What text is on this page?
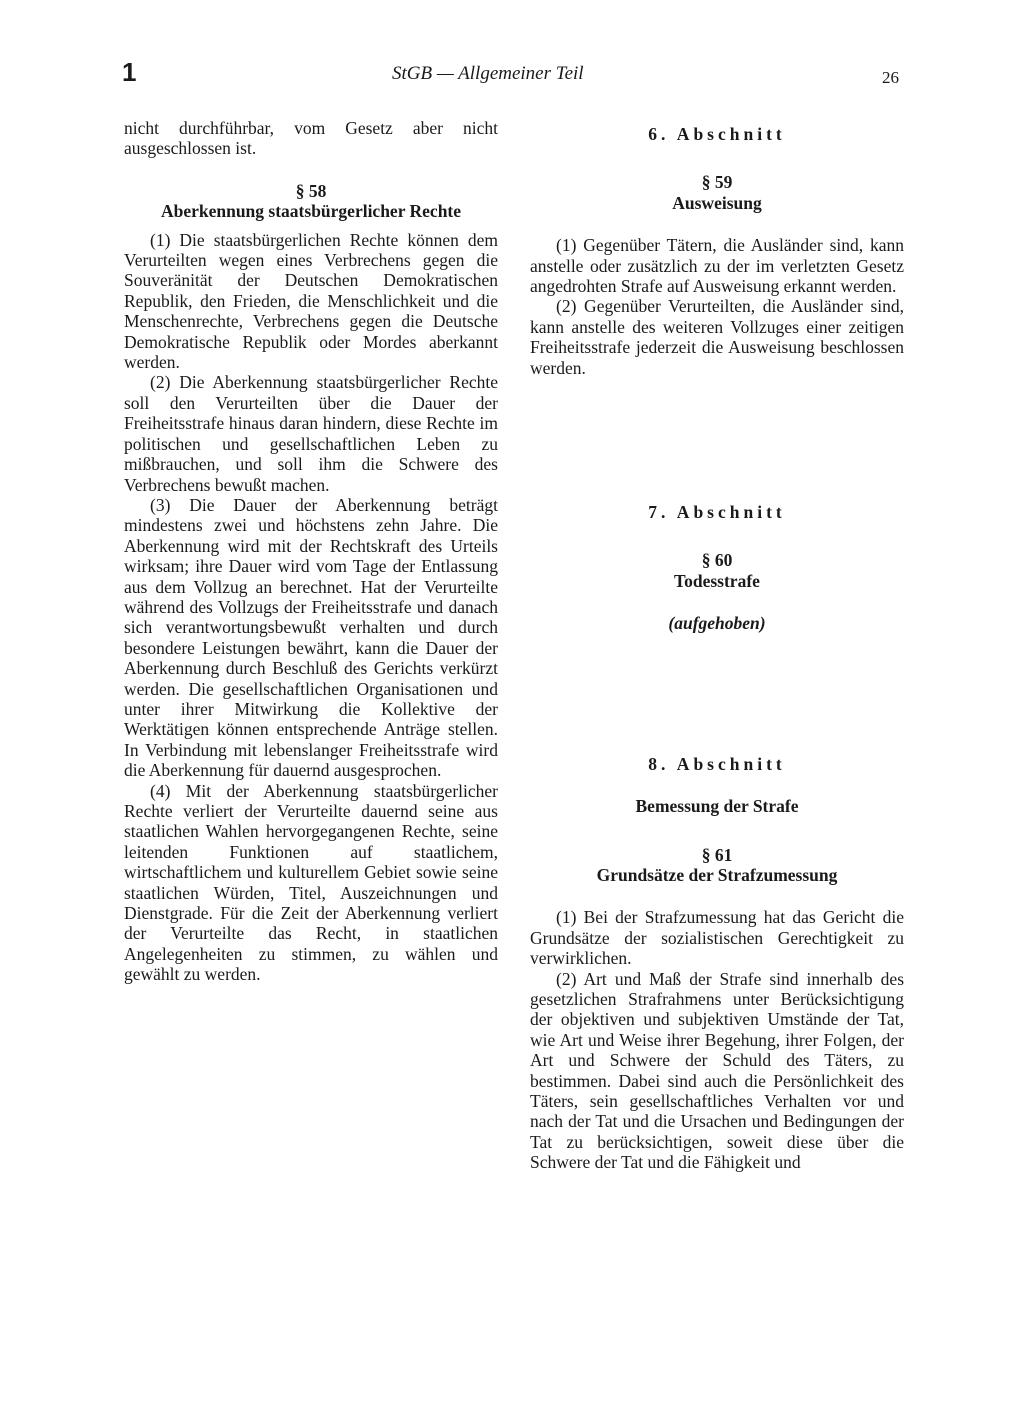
1	StGB — Allgemeiner Teil	26

nicht durchführbar, vom Gesetz aber nicht ausgeschlossen ist.

§ 58

Aberkennung staatsbürgerlicher Rechte

(1) Die staatsbürgerlichen Rechte können dem Verurteilten wegen eines Verbrechens gegen die Souveränität der Deutschen Demokratischen Republik, den Frieden, die Menschlichkeit und die Menschenrechte, Verbrechens gegen die Deutsche Demokratische Republik oder Mordes aberkannt werden.

(2) Die Aberkennung staatsbürgerlicher Rechte soll den Verurteilten über die Dauer der Freiheitsstrafe hinaus daran hindern, diese Rechte im politischen und gesellschaftlichen Leben zu mißbrauchen, und soll ihm die Schwere des Verbrechens bewußt machen.

(3) Die Dauer der Aberkennung beträgt mindestens zwei und höchstens zehn Jahre. Die Aberkennung wird mit der Rechtskraft des Urteils wirksam; ihre Dauer wird vom Tage der Entlassung aus dem Vollzug an berechnet. Hat der Verurteilte während des Vollzugs der Freiheitsstrafe und danach sich verantwortungsbewußt verhalten und durch besondere Leistungen bewährt, kann die Dauer der Aberkennung durch Beschluß des Gerichts verkürzt werden. Die gesellschaftlichen Organisationen und unter ihrer Mitwirkung die Kollektive der Werktätigen können entsprechende Anträge stellen. In Verbindung mit lebenslanger Freiheitsstrafe wird die Aberkennung für dauernd ausgesprochen.

(4) Mit der Aberkennung staatsbürgerlicher Rechte verliert der Verurteilte dauernd seine aus staatlichen Wahlen hervorgegangenen Rechte, seine leitenden Funktionen auf staatlichem, wirtschaftlichem und kulturellem Gebiet sowie seine staatlichen Würden, Titel, Auszeichnungen und Dienstgrade. Für die Zeit der Aberkennung verliert der Verurteilte das Recht, in staatlichen Angelegenheiten zu stimmen, zu wählen und gewählt zu werden.

6. Abschnitt

§ 59

Ausweisung

(1) Gegenüber Tätern, die Ausländer sind, kann anstelle oder zusätzlich zu der im verletzten Gesetz angedrohten Strafe auf Ausweisung erkannt werden.

(2) Gegenüber Verurteilten, die Ausländer sind, kann anstelle des weiteren Vollzuges einer zeitigen Freiheitsstrafe jederzeit die Ausweisung beschlossen werden.

7. Abschnitt

§ 60

Todesstrafe

(aufgehoben)

8. Abschnitt

Bemessung der Strafe

§ 61

Grundsätze der Strafzumessung

(1) Bei der Strafzumessung hat das Gericht die Grundsätze der sozialistischen Gerechtigkeit zu verwirklichen.

(2) Art und Maß der Strafe sind innerhalb des gesetzlichen Strafrahmens unter Berücksichtigung der objektiven und subjektiven Umstände der Tat, wie Art und Weise ihrer Begehung, ihrer Folgen, der Art und Schwere der Schuld des Täters, zu bestimmen. Dabei sind auch die Persönlichkeit des Täters, sein gesellschaftliches Verhalten vor und nach der Tat und die Ursachen und Bedingungen der Tat zu berücksichtigen, soweit diese über die Schwere der Tat und die Fähigkeit und
